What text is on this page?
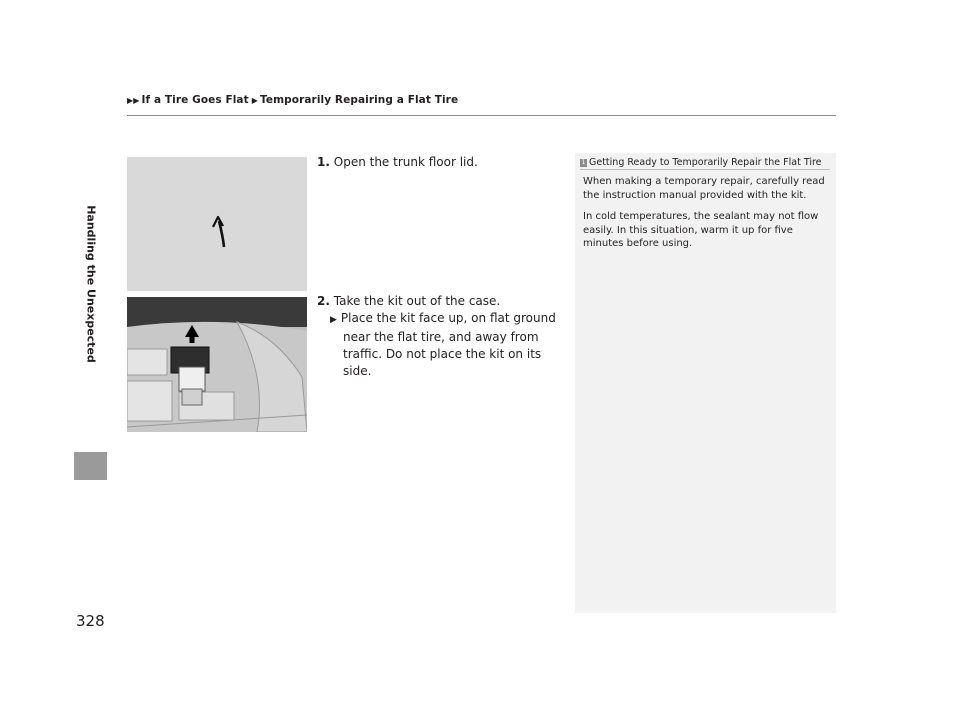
▶▶ If a Tire Goes Flat ▶ Temporarily Repairing a Flat Tire
Handling the Unexpected
328
1. Open the trunk floor lid.
2. Take the kit out of the case.
▶ Place the kit face up, on flat ground near the flat tire, and away from traffic. Do not place the kit on its side.
1 Getting Ready to Temporarily Repair the Flat Tire

When making a temporary repair, carefully read the instruction manual provided with the kit.

In cold temperatures, the sealant may not flow easily. In this situation, warm it up for five minutes before using.
